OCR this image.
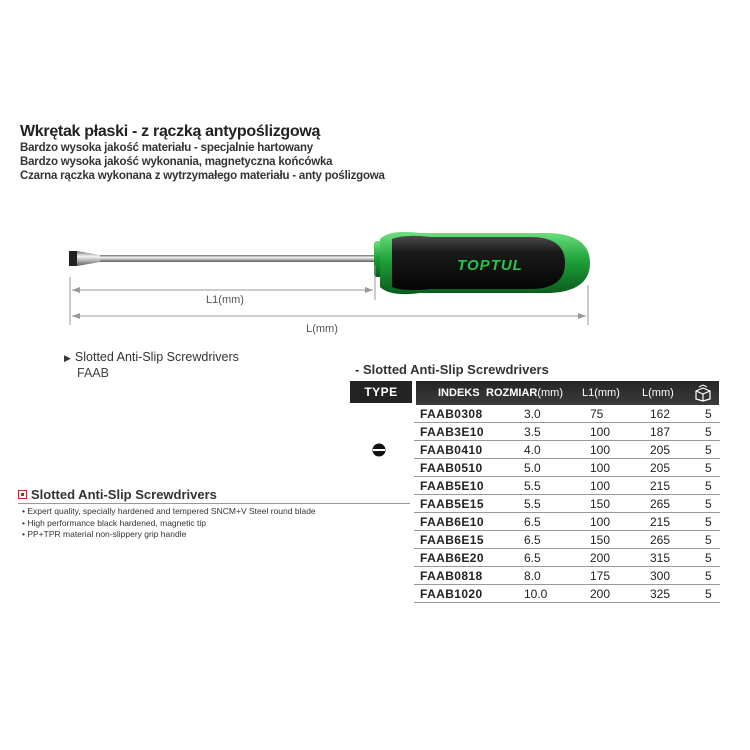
Wkrętak płaski - z rączką antypoślizgową
Bardzo wysoka jakość materiału - specjalnie hartowany
Bardzo wysoka jakość wykonania, magnetyczna końcówka
Czarna rączka wykonana z wytrzymałego materiału - anty poślizgowa
TOPTUL
L1(mm)
L(mm)
▶ Slotted Anti-Slip Screwdrivers
FAAB	- Slotted Anti-Slip Screwdrivers
TYPE	INDEKS ROZMIAR(mm) L1(mm) L(mm)
FAAB0308	3.0	75	162	5
FAAB3E10	3.5	100	187	5
FAAB0410	4.0	100	205	5
FAAB0510	5.0	100	205	5
FAAB5E10	5.5	100	215	5
FAAB5E15	5.5	150	265	5
FAAB6E10	6.5	100	215	5
FAAB6E15	6.5	150	265	5
FAAB6E20	6.5	200	315	5
FAAB0818	8.0	175	300	5
FAAB1020	10.0	200	325	5
Slotted Anti-Slip Screwdrivers
• Expert quality, specially hardened and tempered SNCM+V Steel round blade
• High performance black hardened, magnetic tip
• PP+TPR material non-slippery grip handle
